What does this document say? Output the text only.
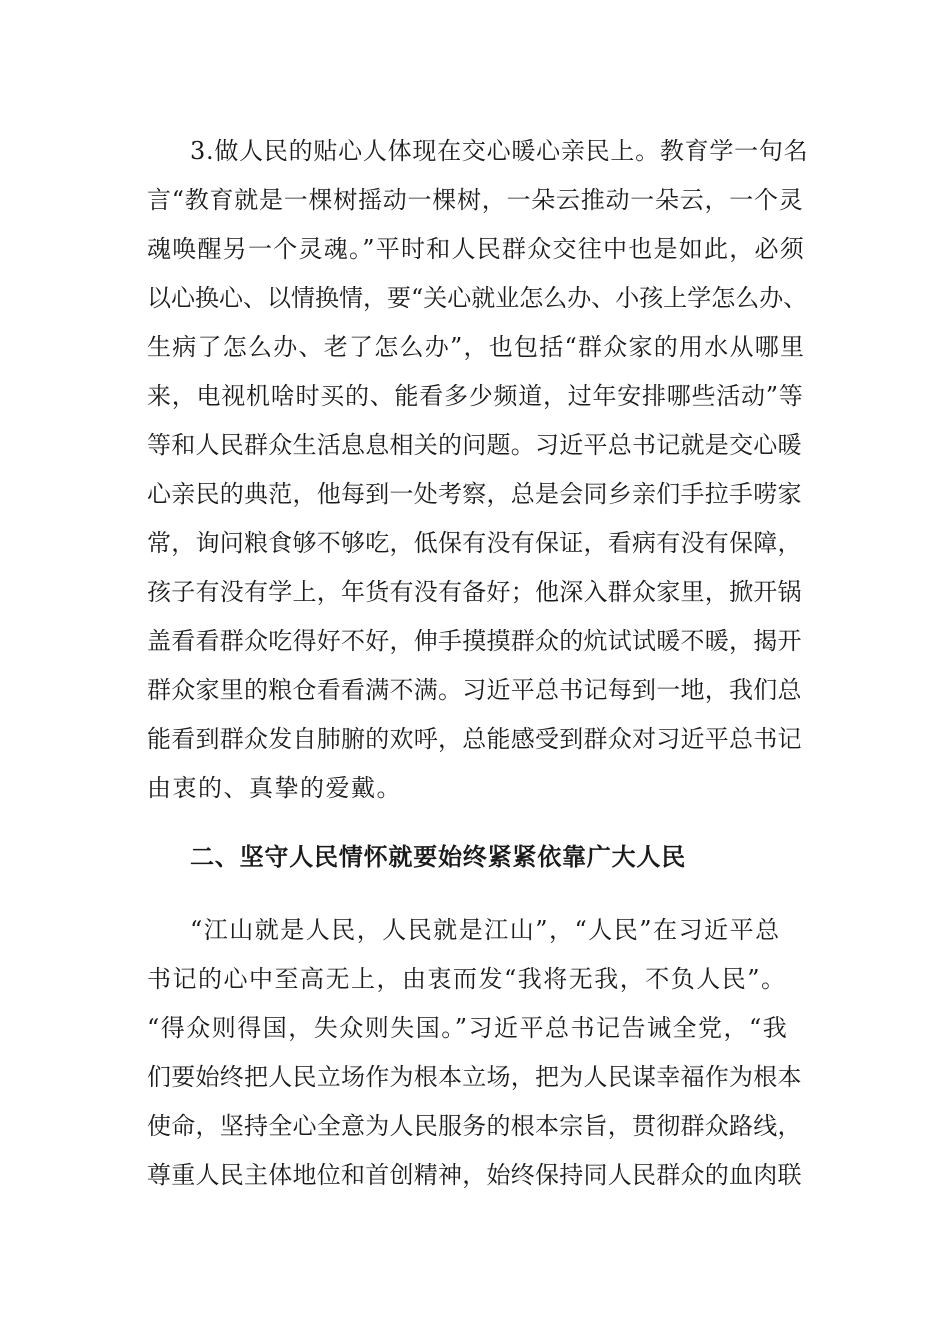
3.做人民的贴心人体现在交心暖心亲民上。教育学一句名
言“教育就是一棵树摇动一棵树，一朵云推动一朵云，一个灵
魂唤醒另一个灵魂。”平时和人民群众交往中也是如此，必须
以心换心、以情换情，要“关心就业怎么办、小孩上学怎么办、
生病了怎么办、老了怎么办”，也包括“群众家的用水从哪里
来，电视机啥时买的、能看多少频道，过年安排哪些活动”等
等和人民群众生活息息相关的问题。习近平总书记就是交心暖
心亲民的典范，他每到一处考察，总是会同乡亲们手拉手唠家
常，询问粮食够不够吃，低保有没有保证，看病有没有保障，
孩子有没有学上，年货有没有备好；他深入群众家里，掀开锅
盖看看群众吃得好不好，伸手摸摸群众的炕试试暖不暖，揭开
群众家里的粮仓看看满不满。习近平总书记每到一地，我们总
能看到群众发自肺腑的欢呼，总能感受到群众对习近平总书记
由衷的、真挚的爱戴。
二、坚守人民情怀就要始终紧紧依靠广大人民
“江山就是人民，人民就是江山”，“人民”在习近平总
书记的心中至高无上，由衷而发“我将无我，不负人民”。
“得众则得国，失众则失国。”习近平总书记告诫全党，“我
们要始终把人民立场作为根本立场，把为人民谋幸福作为根本
使命，坚持全心全意为人民服务的根本宗旨，贯彻群众路线，
尊重人民主体地位和首创精神，始终保持同人民群众的血肉联
